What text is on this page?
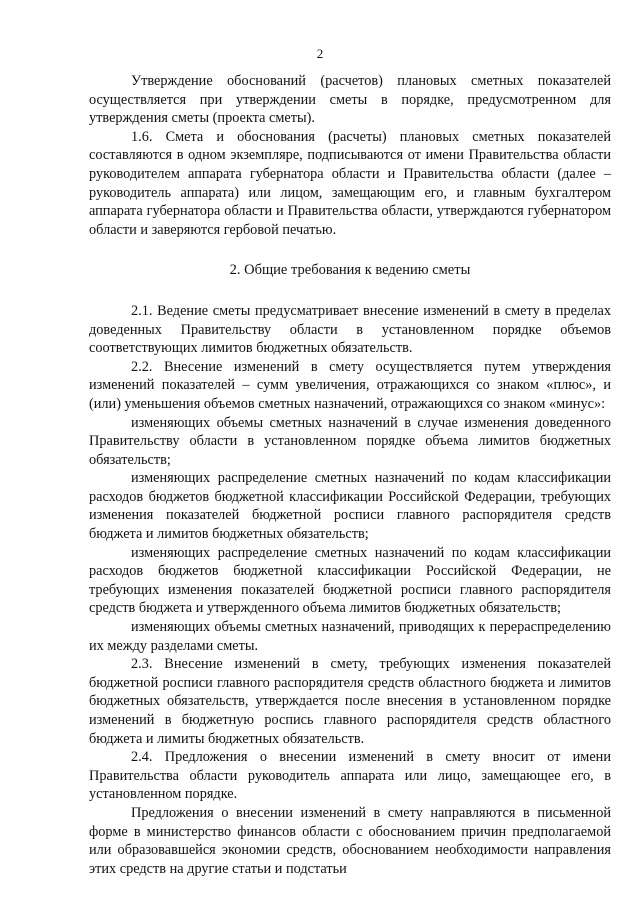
2

Утверждение обоснований (расчетов) плановых сметных показателей осуществляется при утверждении сметы в порядке, предусмотренном для утверждения сметы (проекта сметы).

1.6. Смета и обоснования (расчеты) плановых сметных показателей составляются в одном экземпляре, подписываются от имени Правительства области руководителем аппарата губернатора области и Правительства области (далее – руководитель аппарата) или лицом, замещающим его, и главным бухгалтером аппарата губернатора области и Правительства области, утверждаются губернатором области и заверяются гербовой печатью.

2. Общие требования к ведению сметы

2.1. Ведение сметы предусматривает внесение изменений в смету в пределах доведенных Правительству области в установленном порядке объемов соответствующих лимитов бюджетных обязательств.

2.2. Внесение изменений в смету осуществляется путем утверждения изменений показателей – сумм увеличения, отражающихся со знаком «плюс», и (или) уменьшения объемов сметных назначений, отражающихся со знаком «минус»:

изменяющих объемы сметных назначений в случае изменения доведенного Правительству области в установленном порядке объема лимитов бюджетных обязательств;

изменяющих распределение сметных назначений по кодам классификации расходов бюджетов бюджетной классификации Российской Федерации, требующих изменения показателей бюджетной росписи главного распорядителя средств бюджета и лимитов бюджетных обязательств;

изменяющих распределение сметных назначений по кодам классификации расходов бюджетов бюджетной классификации Российской Федерации, не требующих изменения показателей бюджетной росписи главного распорядителя средств бюджета и утвержденного объема лимитов бюджетных обязательств;

изменяющих объемы сметных назначений, приводящих к перераспределению их между разделами сметы.

2.3. Внесение изменений в смету, требующих изменения показателей бюджетной росписи главного распорядителя средств областного бюджета и лимитов бюджетных обязательств, утверждается после внесения в установленном порядке изменений в бюджетную роспись главного распорядителя средств областного бюджета и лимиты бюджетных обязательств.

2.4. Предложения о внесении изменений в смету вносит от имени Правительства области руководитель аппарата или лицо, замещающее его, в установленном порядке.

Предложения о внесении изменений в смету направляются в письменной форме в министерство финансов области с обоснованием причин предполагаемой или образовавшейся экономии средств, обоснованием необходимости направления этих средств на другие статьи и подстатьи
